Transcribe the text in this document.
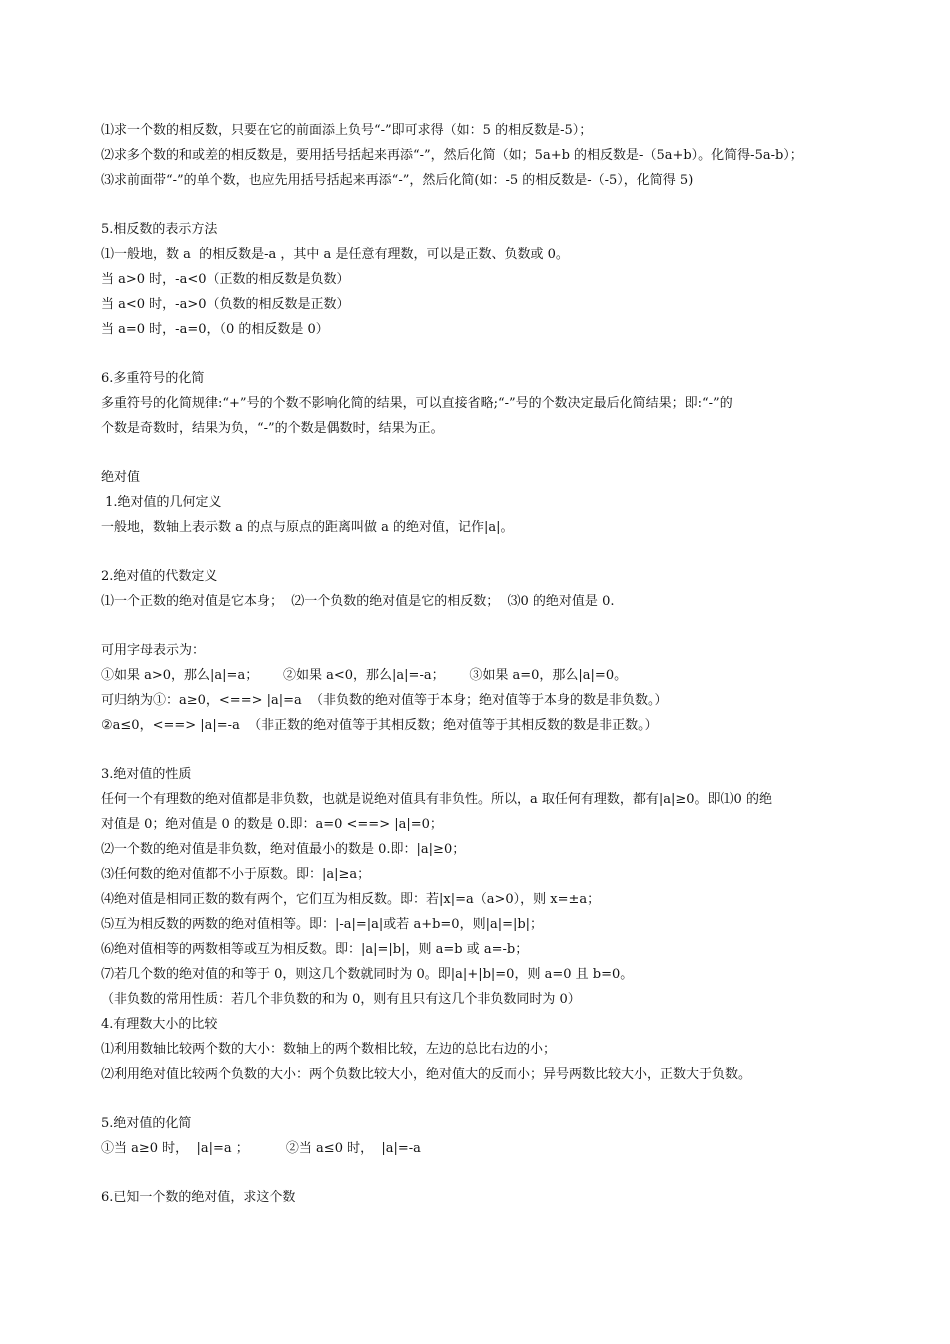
⑴求一个数的相反数，只要在它的前面添上负号“-”即可求得（如：5 的相反数是-5）；
⑵求多个数的和或差的相反数是，要用括号括起来再添“-”，然后化简（如；5a+b 的相反数是-（5a+b）。化简得-5a-b）；
⑶求前面带“-”的单个数，也应先用括号括起来再添“-”，然后化简(如：-5 的相反数是-（-5），化简得 5)
5.相反数的表示方法
⑴一般地，数 a  的相反数是-a ，其中 a 是任意有理数，可以是正数、负数或 0。
当 a>0 时，-a<0（正数的相反数是负数）
当 a<0 时，-a>0（负数的相反数是正数）
当 a=0 时，-a=0，（0 的相反数是 0）
6.多重符号的化简
多重符号的化简规律:“+”号的个数不影响化简的结果，可以直接省略;“-”号的个数决定最后化简结果；即:“-”的
个数是奇数时，结果为负，“-”的个数是偶数时，结果为正。
绝对值
1.绝对值的几何定义
一般地，数轴上表示数 a 的点与原点的距离叫做 a 的绝对值，记作|a|。
2.绝对值的代数定义
⑴一个正数的绝对值是它本身；  ⑵一个负数的绝对值是它的相反数；  ⑶0 的绝对值是 0.
可用字母表示为：
①如果 a>0，那么|a|=a；      ②如果 a<0，那么|a|=-a；      ③如果 a=0，那么|a|=0。
可归纳为①：a≥0，<==> |a|=a  （非负数的绝对值等于本身；绝对值等于本身的数是非负数。）
②a≤0，<==> |a|=-a  （非正数的绝对值等于其相反数；绝对值等于其相反数的数是非正数。）
3.绝对值的性质
任何一个有理数的绝对值都是非负数，也就是说绝对值具有非负性。所以，a 取任何有理数，都有|a|≥0。即⑴0 的绝
对值是 0；绝对值是 0 的数是 0.即：a=0 <==> |a|=0；
⑵一个数的绝对值是非负数，绝对值最小的数是 0.即：|a|≥0；
⑶任何数的绝对值都不小于原数。即：|a|≥a；
⑷绝对值是相同正数的数有两个，它们互为相反数。即：若|x|=a（a>0），则 x=±a；
⑸互为相反数的两数的绝对值相等。即：|-a|=|a|或若 a+b=0，则|a|=|b|；
⑹绝对值相等的两数相等或互为相反数。即：|a|=|b|，则 a=b 或 a=-b；
⑺若几个数的绝对值的和等于 0，则这几个数就同时为 0。即|a|+|b|=0，则 a=0 且 b=0。
（非负数的常用性质：若几个非负数的和为 0，则有且只有这几个非负数同时为 0）
4.有理数大小的比较
⑴利用数轴比较两个数的大小：数轴上的两个数相比较，左边的总比右边的小；
⑵利用绝对值比较两个负数的大小：两个负数比较大小，绝对值大的反而小；异号两数比较大小，正数大于负数。
5.绝对值的化简
①当 a≥0 时，  |a|=a ；         ②当 a≤0 时，  |a|=-a
6.已知一个数的绝对值，求这个数
